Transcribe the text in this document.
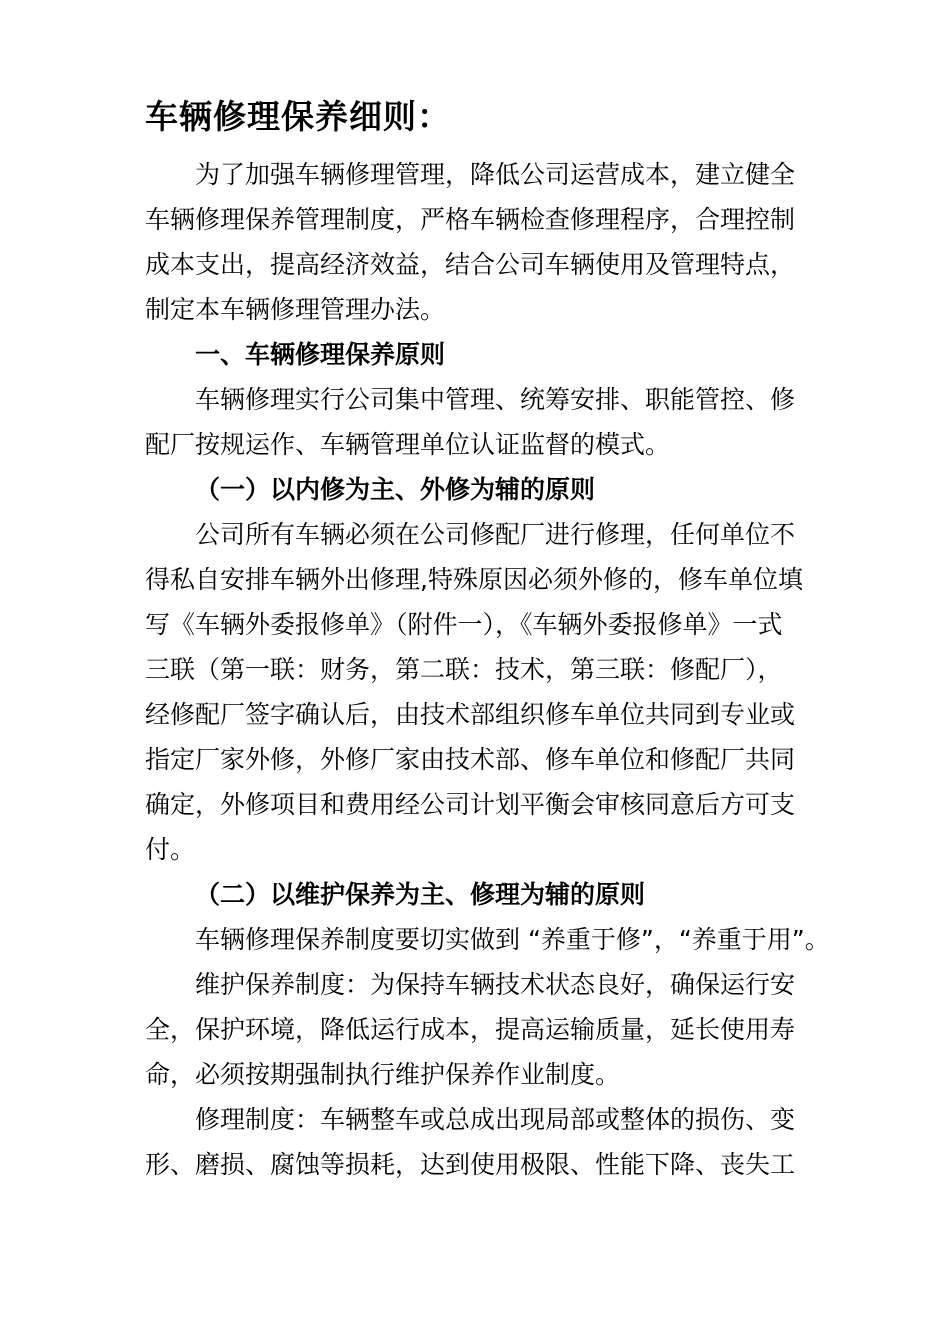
车辆修理保养细则：
为了加强车辆修理管理，降低公司运营成本，建立健全
车辆修理保养管理制度，严格车辆检查修理程序，合理控制
成本支出，提高经济效益，结合公司车辆使用及管理特点，
制定本车辆修理管理办法。
一、车辆修理保养原则
车辆修理实行公司集中管理、统筹安排、职能管控、修
配厂按规运作、车辆管理单位认证监督的模式。
（一）以内修为主、外修为辅的原则
公司所有车辆必须在公司修配厂进行修理，任何单位不
得私自安排车辆外出修理,特殊原因必须外修的，修车单位填
写《车辆外委报修单》（附件一），《车辆外委报修单》一式
三联（第一联：财务，第二联：技术，第三联：修配厂），
经修配厂签字确认后，由技术部组织修车单位共同到专业或
指定厂家外修，外修厂家由技术部、修车单位和修配厂共同
确定，外修项目和费用经公司计划平衡会审核同意后方可支
付。
（二）以维护保养为主、修理为辅的原则
车辆修理保养制度要切实做到 “养重于修”，“养重于用”。
维护保养制度：为保持车辆技术状态良好，确保运行安
全，保护环境，降低运行成本，提高运输质量，延长使用寿
命，必须按期强制执行维护保养作业制度。
修理制度：车辆整车或总成出现局部或整体的损伤、变
形、磨损、腐蚀等损耗，达到使用极限、性能下降、丧失工
